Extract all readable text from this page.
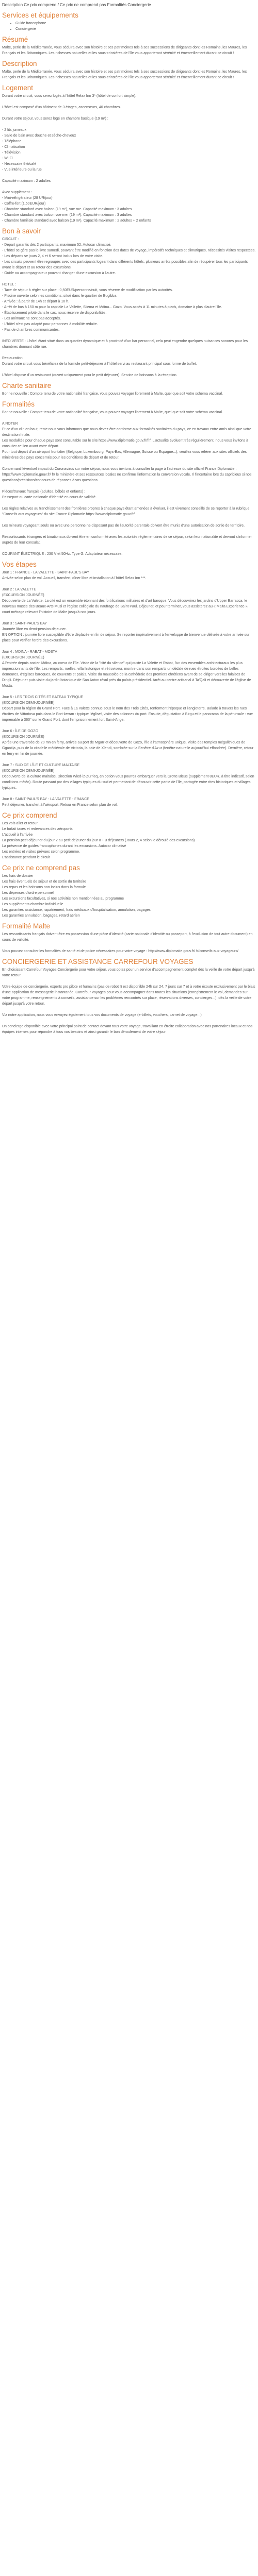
Description Ce prix comprend / Ce prix ne comprend pas Formalités Conciergerie
Services et équipements
• Guide francophone
• Conciergerie
Résumé

Malte, perle de la Méditerranée, vous séduira avec son histoire et ses patrimoines tels à ses successions de dirigeants dont les Romains, les Maures, les Français et les Britanniques. Les richesses naturelles et les sous-crinstères de l'île vous apporteront sérénité et émerveillement durant ce circuit !

Description

Malte, perle de la Méditerranée, vous séduira avec son histoire et ses patrimoines tels à ses successions de dirigeants dont les Romains, les Maures, les Français et les Britanniques. Les richesses naturelles et les sous-crinstères de l'île vous apporteront sérénité et émerveillement durant ce circuit !

Logement
Durant votre circuit, vous serez logés à l'hôtel Relax Inn 3* (hôtel de confort simple).
L'hôtel est composé d'un bâtiment de 3 étages, ascenseurs, 40 chambres.
Durant votre séjour, vous serez logé en chambre basique (19 m²) :
- 2 lits jumeaux
- Salle de bain avec douche et sèche-cheveux
- Téléphone
- Climatisation
- Télévision
- Wi-Fi
- Nécessaire thé/café
- Vue intérieure ou la rue
Capacité maximum : 2 adultes
Avec supplément :
- Mini-réfrigérateur (28 UR/jour)
- Coffre-fort (1,50EUR/jour)
- Chambre standard avec balcon (19 m²), vue rue. Capacité maximum : 3 adultes
- Chambre standard avec balcon vue mer (19 m²). Capacité maximum : 3 adultes
- Chambre familiale standard avec balcon (19 m²). Capacité maximum : 2 adultes + 2 enfants
Bon à savoir
CIRCUIT :
- Départ garantis dès 2 participants, maximum 52. Autocar climatisé.
- L'hôtel se gère pas le livre samedi, pouvant être modifié en fonction des dates de voyage, impératifs techniques et climatiques, nécessités visites respectées.
- Les départs se jours 2, 4 et 6 seront inclus lors de votre visite.
- Les circuits peuvent être regroupés avec des participants logeant dans différents hôtels, plusieurs arrêts possibles afin de récupérer tous les participants avant le départ et au retour des excursions.
- Guide ou accompagnateur pouvant changer d'une excursion à l'autre.
HOTEL :
- Taxe de séjour à régler sur place : 0,50EUR/personne/nuit, sous réserve de modification par les autorités.
- Piscine ouverte selon les conditions, situé dans le quartier de Bugibba.
- Arrivée : à partir de 14h et départ à 10 h.
- Arrêt de bus à 150 m pour la capitale La Vallette, Sliema et Mdina... Gozo. Vous accès à 11 minutes à pieds, domaine à plus d'autre l'île.
- Établissement piloté dans le cas, nous réserve de disponibilités.
- Les animaux ne sont pas acceptés.
- L'hôtel n'est pas adapté pour personnes à mobilité réduite.
- Pas de chambres communicantes.
INFO VERTE : L'hôtel étant situé dans un quartier dynamique et à proximité d'un bar personnel, cela peut engendre quelques nuisances sonores pour les chambres donnant côté rue.
Restauration
Durant votre circuit vous bénéficiez de la formule petit-déjeuner à l'hôtel servi au restaurant principal sous forme de buffet.
L'hôtel dispose d'un restaurant (ouvert uniquement pour le petit déjeuner). Service de boissons à la réception.
Charte sanitaire

Bonne nouvelle : Compte tenu de votre nationalité française, vous pouvez voyager librement à Malte, quel que soit votre schéma vaccinal.

Formalités
Bonne nouvelle : Compte tenu de votre nationalité française, vous pouvez voyager librement à Malte, quel que soit votre schéma vaccinal.
A NOTER
Et ce d'un clin en haut, reste nous vous informons que nous devez être conforme aux formalités sanitaires du pays, ce en travaux entre amis ainsi que votre destination finale.
Les modalités pour chaque pays sont consultable sur le site https://www.diplomatie.gouv.fr/fr/. L'actualité évoluent très régulièrement, nous vous invitons à consulter ce lien avant votre départ.
Pour tout départ d'un aéroport frontalier (Belgique, Luxembourg, Pays-Bas, Allemagne, Suisse ou Espagne...), veuillez vous référer aux sites officiels des ministères des pays concernés pour les conditions de départ et de retour.
Concernant l'éventuel impact du Coronavirus sur votre séjour, nous vous invitons à consulter la page à l'adresse du site officiel France Diplomatie : https://www.diplomatie.gouv.fr/ fr/ le ministère et ses ressources locales ne confirme l'information la conversion vocale. Il l'incertaine lors du capricieux si nos questions/précisions/concours de réponses à vos questions
Pièces/travaux français (adultes, bébés et enfants) :
Passeport ou carte nationale d'identité en cours de validité.
Les règles relatives au franchissement des frontières propres à chaque pays étant amenées à évoluer, il est vivement conseillé de se reporter à la rubrique "Conseils aux voyageurs" du site France Diplomatie.https://www.diplomatie.gouv.fr/
Les mineurs voyageant seuls ou avec une personne ne disposant pas de l'autorité parentale doivent être munis d'une autorisation de sortie de territoire.
Ressortissants étrangers et binationaux doivent être en conformité avec les autorités réglementaires de ce séjour, selon leur nationalité et devront s'informer auprès de leur consulat.
COURANT ÉLECTRIQUE : 230 V et 50Hz. Type G. Adaptateur nécessaire.
Vos étapes
Jour 1 : FRANCE - LA VALETTE - SAINT-PAUL'S BAY
Arrivée selon plan de vol. Accueil, transfert, dîner libre et installation à l'hôtel Relax Inn ***.
Jour 2 : LA VALETTE
(EXCURSION JOURNÉE)
Découverte de La Valette. La cité est un ensemble étonnant des fortifications militaires et d'art baroque. Vous découvrirez les jardins d'Upper Barracca, le nouveau musée des Beaux-Arts Musi et l'église collégiale du naufrage de Saint Paul. Déjeuner, et pour terminer, vous assisterez au « Malta Experience », court métrage relevant l'histoire de Malte jusqu'à nos jours.
Jour 3 : SAINT-PAUL'S BAY
Journée libre en demi-pension déjeuner.
EN OPTION : journée libre susceptible d'être déplacée en fin de séjour. Se reporter impérativement à l'enveloppe de bienvenue délivrée à votre arrivée sur place pour vérifier l'ordre des excursions.
Jour 4 : MDINA - RABAT - MOSTA
(EXCURSION JOURNÉE)
A l'entrée depuis ancien Mdina, au coeur de l'île. Visite de la "cité du silence" qui jouxte La Valette et Rabat, l'un des ensembles architecturaux les plus impressionnants de l'île. Les remparts, ruelles, villa historique et rétroviseur, montre dans son remparts un dédale de rues étroites bordées de belles demeures, d'églises baroques, de couvents et palais. Visite du mausolée de la cathédrale des premiers chrétiens avant de se diriger vers les falaises de Dingli. Déjeuner puis visite du jardin botanique de San Anton résul près du palais présidentiel. Arrêt au centre artisanal à Ta'Qali et découverte de l'église de Mosta.
Jour 5 : LES TROIS CITÉS ET BATEAU TYPIQUE
(EXCURSION DEMI-JOURNÉE)
Départ pour la région du Grand Port. Face à La Valette connue sous le nom des Trois Cités, renferment l'époque et l'angleterre. Balade à travers les rues étroites de Vittoriosa puis dans le Fort-kerran : typique l'église!, visite des colonnes du port. Ensuite, dégustation à Birgu et le panorama de la péninsule : vue imprenable à 360° sur le Grand Port, dont l'emprisonnement fort Saint-Ange.
Jour 6 : ÎLE DE GOZO
(EXCURSION JOURNÉE)
Après une traversée de 20 mn en ferry, arrivée au port de Mgarr et découverte de Gozo, l'île à l'atmosphère unique. Visite des temples mégalithiques de Ggantija, puis de la citadelle médiévale de Victoria, la baie de Xlendi, sombrée sur la Fenêtre d'Azur (fenêtre naturelle aujourd'hui effondrée). Dernière, retour en ferry en fin de journée.
Jour 7 : SUD DE L'ÎLE ET CULTURE MALTAISE
(EXCURSION DEMI-JOURNÉE)
Découverte de la culture maltaise. Direction Wied-iz-Zurrieq, en option vous pourrez embarquer vers la Grotte Bleue (supplément 8EUR, à titre indicatif, selon conditions météo). Route passant par des villages typiques du sud et permettant de découvrir cette partie de l'île, partagée entre rites historiques et villages typiques.
Jour 8 : SAINT-PAUL'S BAY - LA VALETTE - FRANCE
Petit déjeuner, transfert à l'aéroport. Retour en France selon plan de vol.
Ce prix comprend
Les vols aller et retour
Le forfait taxes et redevances des aéroports
L'accueil à l'arrivée
La pension petit déjeuner du jour 2 au petit-déjeuner du jour 8 + 3 déjeuners (Jours 2, 4 selon le déroulé des excursions)
La présence de guides francophones durant les excursions. Autocar climatisé
Les entrées et visites prévues selon programme.
L'assistance pendant le circuit
Ce prix ne comprend pas
Les frais de dossier
Les frais éventuels de séjour et de sortie du territoire
Les repas et les boissons non inclus dans la formule
Les dépenses d'ordre personnel
Les excursions facultatives, si nos activités non mentionnées au programme
Les suppléments chambre individuelle
Les garanties assistance, rapatriement, frais médicaux d'hospitalisation, annulation, bagages
Les garanties annulation, bagages, retard aérien
Formalité Malte
Les ressortissants français doivent être en possession d'une pièce d'identité (carte nationale d'identité ou passeport, à l'exclusion de tout autre document) en cours de validité.
Vous pouvez consulter les formalités de santé et de police nécessaires pour votre voyage : http://www.diplomatie.gouv.fr/ fr/conseils-aux-voyageurs/
CONCIERGERIE ET ASSISTANCE CARREFOUR VOYAGES
En choisissant Carrefour Voyages Conciergerie pour votre séjour, vous optez pour un service d'accompagnement complet dès la veille de votre départ jusqu'à votre retour.
Votre équipe de conciergerie, experts pro pilote et humains (pas de robot !) est disponible 24h sur 24, 7 jours sur 7 et à votre écoute exclusivement par le biais d'une application de messagerie instantanée. Carrefour Voyages pour vous accompagner dans toutes les situations (enregistrement le vol, demandes sur votre programme, renseignements à conseils, assistance sur les problèmes rencontrés sur place, réservations diverses, concierges...). dès la veille de votre départ jusqu'à votre retour.
Via notre application, nous vous envoyez également tous vos documents de voyage (e-billets, vouchers, carnet de voyage...)
Un concierge disponible avec votre principal point de contact devant tous votre voyage, travaillant en étroite collaboration avec nos partenaires locaux et nos équipes internes pour répondre à tous vos besoins et ainsi garantir le bon déroulement de votre séjour.
